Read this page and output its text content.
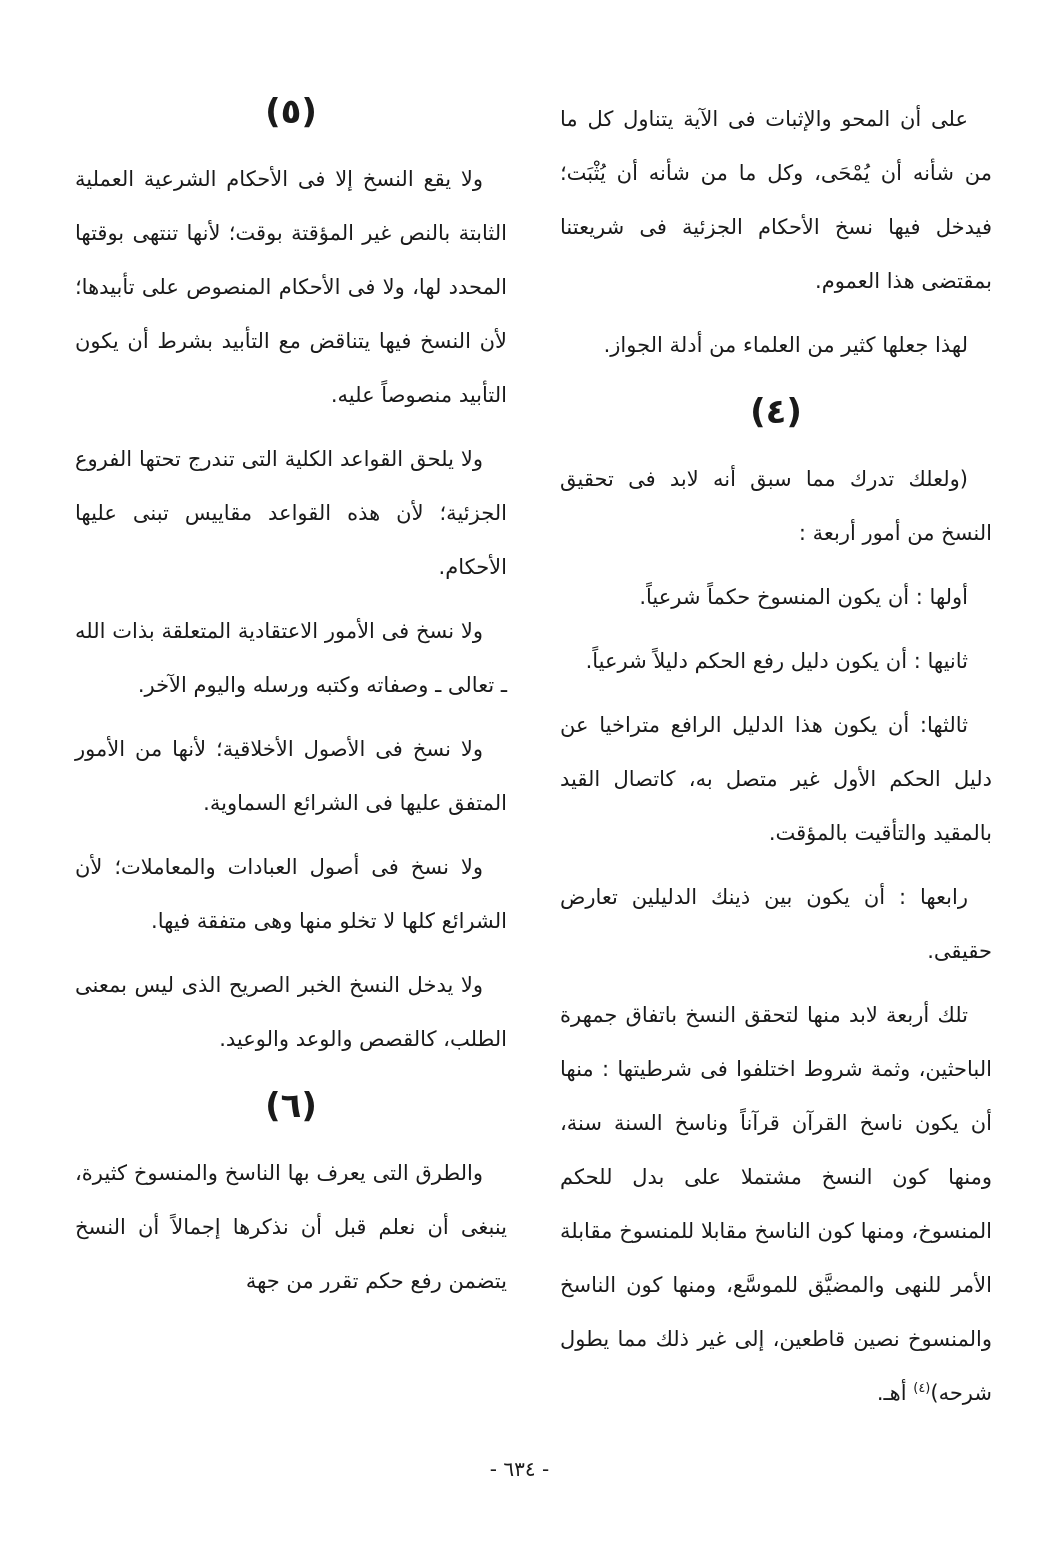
على أن المحو والإثبات فى الآية يتناول كل ما من شأنه أن يُمْحَى، وكل ما من شأنه أن يُثْبَت؛ فيدخل فيها نسخ الأحكام الجزئية فى شريعتنا بمقتضى هذا العموم.

لهذا جعلها كثير من العلماء من أدلة الجواز.

(٤)

(ولعلك تدرك مما سبق أنه لابد فى تحقيق النسخ من أمور أربعة :

أولها : أن يكون المنسوخ حكماً شرعياً.

ثانيها : أن يكون دليل رفع الحكم دليلاً شرعياً.

ثالثها: أن يكون هذا الدليل الرافع متراخيا عن دليل الحكم الأول غير متصل به، كاتصال القيد بالمقيد والتأقيت بالمؤقت.

رابعها : أن يكون بين ذينك الدليلين تعارض حقيقى.

تلك أربعة لابد منها لتحقق النسخ باتفاق جمهرة الباحثين، وثمة شروط اختلفوا فى شرطيتها : منها أن يكون ناسخ القرآن قرآناً وناسخ السنة سنة، ومنها كون النسخ مشتملا على بدل للحكم المنسوخ، ومنها كون الناسخ مقابلا للمنسوخ مقابلة الأمر للنهى والمضيَّق للموسَّع، ومنها كون الناسخ والمنسوخ نصين قاطعين، إلى غير ذلك مما يطول شرحه)$^{(٤)}$ أهـ.

(٥)

ولا يقع النسخ إلا فى الأحكام الشرعية العملية الثابتة بالنص غير المؤقتة بوقت؛ لأنها تنتهى بوقتها المحدد لها، ولا فى الأحكام المنصوص على تأبيدها؛ لأن النسخ فيها يتناقض مع التأبيد بشرط أن يكون التأبيد منصوصاً عليه.

ولا يلحق القواعد الكلية التى تندرج تحتها الفروع الجزئية؛ لأن هذه القواعد مقاييس تبنى عليها الأحكام.

ولا نسخ فى الأمور الاعتقادية المتعلقة بذات الله ـ تعالى ـ وصفاته وكتبه ورسله واليوم الآخر.

ولا نسخ فى الأصول الأخلاقية؛ لأنها من الأمور المتفق عليها فى الشرائع السماوية.

ولا نسخ فى أصول العبادات والمعاملات؛ لأن الشرائع كلها لا تخلو منها وهى متفقة فيها.

ولا يدخل النسخ الخبر الصريح الذى ليس بمعنى الطلب، كالقصص والوعد والوعيد.

(٦)

والطرق التى يعرف بها الناسخ والمنسوخ كثيرة، ينبغى أن نعلم قبل أن نذكرها إجمالاً أن النسخ يتضمن رفع حكم تقرر من جهة

- ٦٣٤ -
